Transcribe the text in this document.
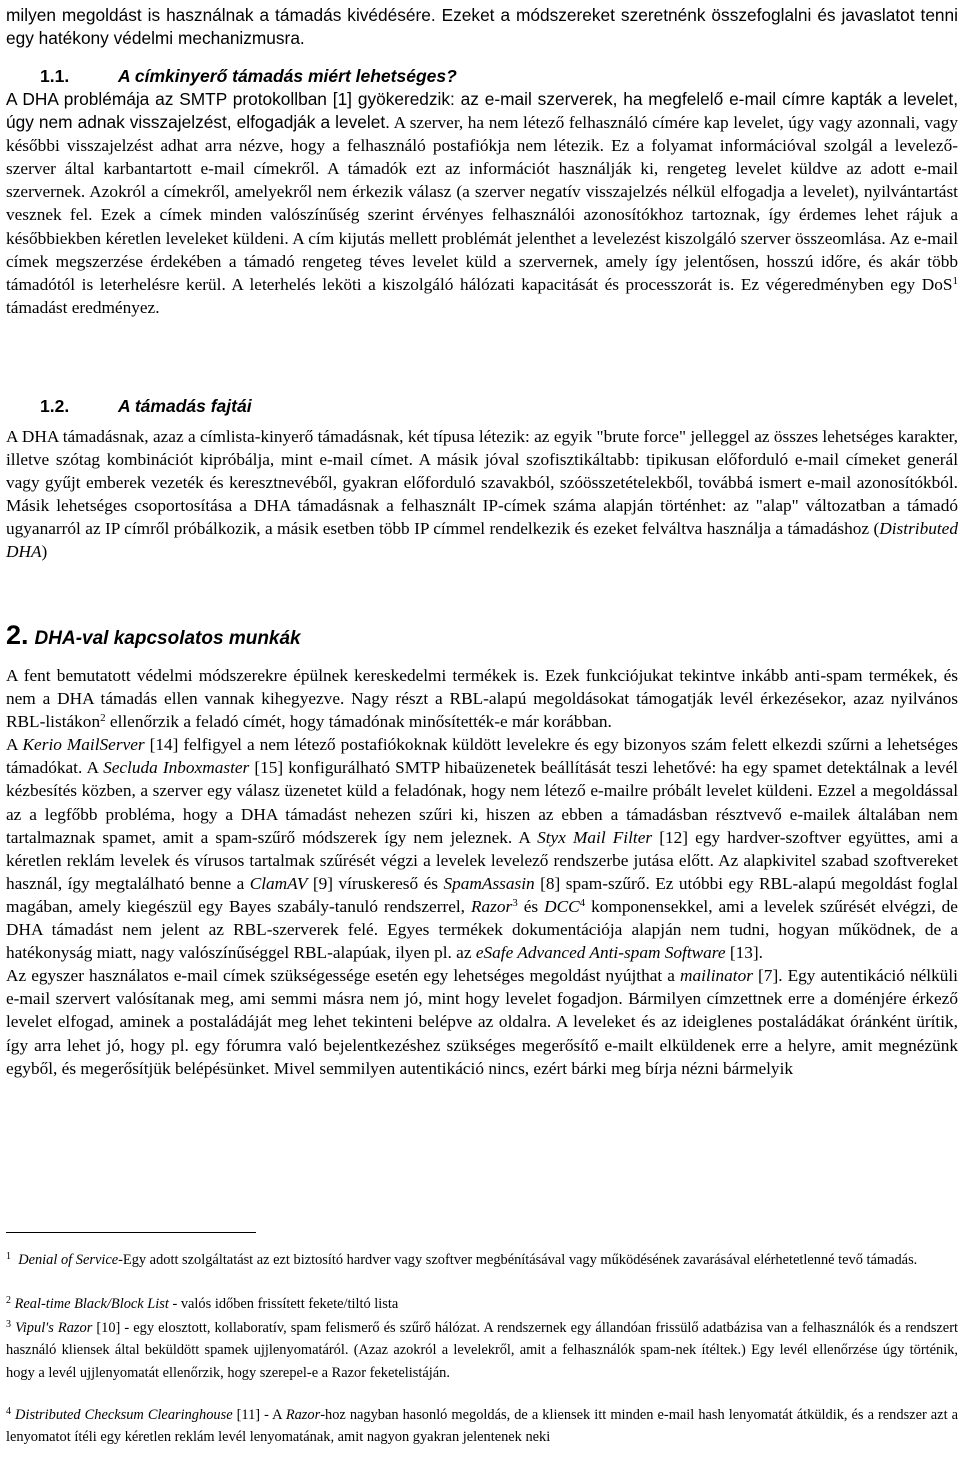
milyen megoldást is használnak a támadás kivédésére. Ezeket a módszereket szeretnénk összefoglalni és javaslatot tenni egy hatékony védelmi mechanizmusra.

1.1.	A címkinyerő támadás miért lehetséges?

A DHA problémája az SMTP protokollban [1] gyökeredzik: az e-mail szerverek, ha megfelelő e-mail címre kapták a levelet, úgy nem adnak visszajelzést, elfogadják a levelet. A szerver, ha nem létező felhasználó címére kap levelet, úgy vagy azonnali, vagy későbbi visszajelzést adhat arra nézve, hogy a felhasználó postafiókja nem létezik. Ez a folyamat információval szolgál a levelező-szerver által karbantartott e-mail címekről. A támadók ezt az információt használják ki, rengeteg levelet küldve az adott e-mail szervernek. Azokról a címekről, amelyekről nem érkezik válasz (a szerver negatív visszajelzés nélkül elfogadja a levelet), nyilvántartást vesznek fel. Ezek a címek minden valószínűség szerint érvényes felhasználói azonosítókhoz tartoznak, így érdemes lehet rájuk a későbbiekben kéretlen leveleket küldeni. A cím kijutás mellett problémát jelenthet a levelezést kiszolgáló szerver összeomlása. Az e-mail címek megszerzése érdekében a támadó rengeteg téves levelet küld a szervernek, amely így jelentősen, hosszú időre, és akár több támadótól is leterhelésre kerül. A leterhelés leköti a kiszolgáló hálózati kapacitását és processzorát is. Ez végeredményben egy DoS$^1$ támadást eredményez.

1.2.	A támadás fajtái

A DHA támadásnak, azaz a címlista-kinyerő támadásnak, két típusa létezik: az egyik "brute force" jelleggel az összes lehetséges karakter, illetve szótag kombinációt kipróbálja, mint e-mail címet. A másik jóval szofisztikáltabb: tipikusan előforduló e-mail címeket generál vagy gyűjt emberek vezeték és keresztnevéből, gyakran előforduló szavakból, szóösszetételekből, továbbá ismert e-mail azonosítókból. Másik lehetséges csoportosítása a DHA támadásnak a felhasznált IP-címek száma alapján történhet: az "alap" változatban a támadó ugyanarról az IP címről próbálkozik, a másik esetben több IP címmel rendelkezik és ezeket felváltva használja a támadáshoz (Distributed DHA)

2. DHA-val kapcsolatos munkák

A fent bemutatott védelmi módszerekre épülnek kereskedelmi termékek is. Ezek funkciójukat tekintve inkább anti-spam termékek, és nem a DHA támadás ellen vannak kihegyezve. Nagy részt a RBL-alapú megoldásokat támogatják levél érkezésekor, azaz nyilvános RBL-listákon$^2$ ellenőrzik a feladó címét, hogy támadónak minősítették-e már korábban.

A Kerio MailServer [14] felfigyel a nem létező postafiókoknak küldött levelekre és egy bizonyos szám felett elkezdi szűrni a lehetséges támadókat. A Secluda Inboxmaster [15] konfigurálható SMTP hibaüzenetek beállítását teszi lehetővé: ha egy spamet detektálnak a levél kézbesítés közben, a szerver egy válasz üzenetet küld a feladónak, hogy nem létező e-mailre próbált levelet küldeni. Ezzel a megoldással az a legfőbb probléma, hogy a DHA támadást nehezen szűri ki, hiszen az ebben a támadásban résztvevő e-mailek általában nem tartalmaznak spamet, amit a spam-szűrő módszerek így nem jeleznek. A Styx Mail Filter [12] egy hardver-szoftver együttes, ami a kéretlen reklám levelek és vírusos tartalmak szűrését végzi a levelek levelező rendszerbe jutása előtt. Az alapkivitel szabad szoftvereket használ, így megtalálható benne a ClamAV [9] víruskereső és SpamAssasin [8] spam-szűrő. Ez utóbbi egy RBL-alapú megoldást foglal magában, amely kiegészül egy Bayes szabály-tanuló rendszerrel, Razor$^3$ és DCC$^4$ komponensekkel, ami a levelek szűrését elvégzi, de DHA támadást nem jelent az RBL-szerverek felé. Egyes termékek dokumentációja alapján nem tudni, hogyan működnek, de a hatékonyság miatt, nagy valószínűséggel RBL-alapúak, ilyen pl. az eSafe Advanced Anti-spam Software [13].

Az egyszer használatos e-mail címek szükségessége esetén egy lehetséges megoldást nyújthat a mailinator [7]. Egy autentikáció nélküli e-mail szervert valósítanak meg, ami semmi másra nem jó, mint hogy levelet fogadjon. Bármilyen címzettnek erre a doménjére érkező levelet elfogad, aminek a postaládáját meg lehet tekinteni belépve az oldalra. A leveleket és az ideiglenes postaládákat óránként ürítik, így arra lehet jó, hogy pl. egy fórumra való bejelentkezéshez szükséges megerősítő e-mailt elküldenek erre a helyre, amit megnézünk egyből, és megerősítjük belépésünket. Mivel semmilyen autentikáció nincs, ezért bárki meg bírja nézni bármelyik

$^1$ Denial of Service-Egy adott szolgáltatást az ezt biztosító hardver vagy szoftver megbénításával vagy működésének zavarásával elérhetetlenné tevő támadás.
$^2$ Real-time Black/Block List - valós időben frissített fekete/tiltó lista
$^3$ Vipul's Razor [10] - egy elosztott, kollaboratív, spam felismerő és szűrő hálózat. A rendszernek egy állandóan frissülő adatbázisa van a felhasználók és a rendszert használó kliensek által beküldött spamek ujjlenyomatáról. (Azaz azokról a levelekről, amit a felhasználók spam-nek ítéltek.) Egy levél ellenőrzése úgy történik, hogy a levél ujjlenyomatát ellenőrzik, hogy szerepel-e a Razor feketelistáján.
$^4$ Distributed Checksum Clearinghouse [11] - A Razor-hoz nagyban hasonló megoldás, de a kliensek itt minden e-mail hash lenyomatát átküldik, és a rendszer azt a lenyomatot ítéli egy kéretlen reklám levél lenyomatának, amit nagyon gyakran jelentenek neki
